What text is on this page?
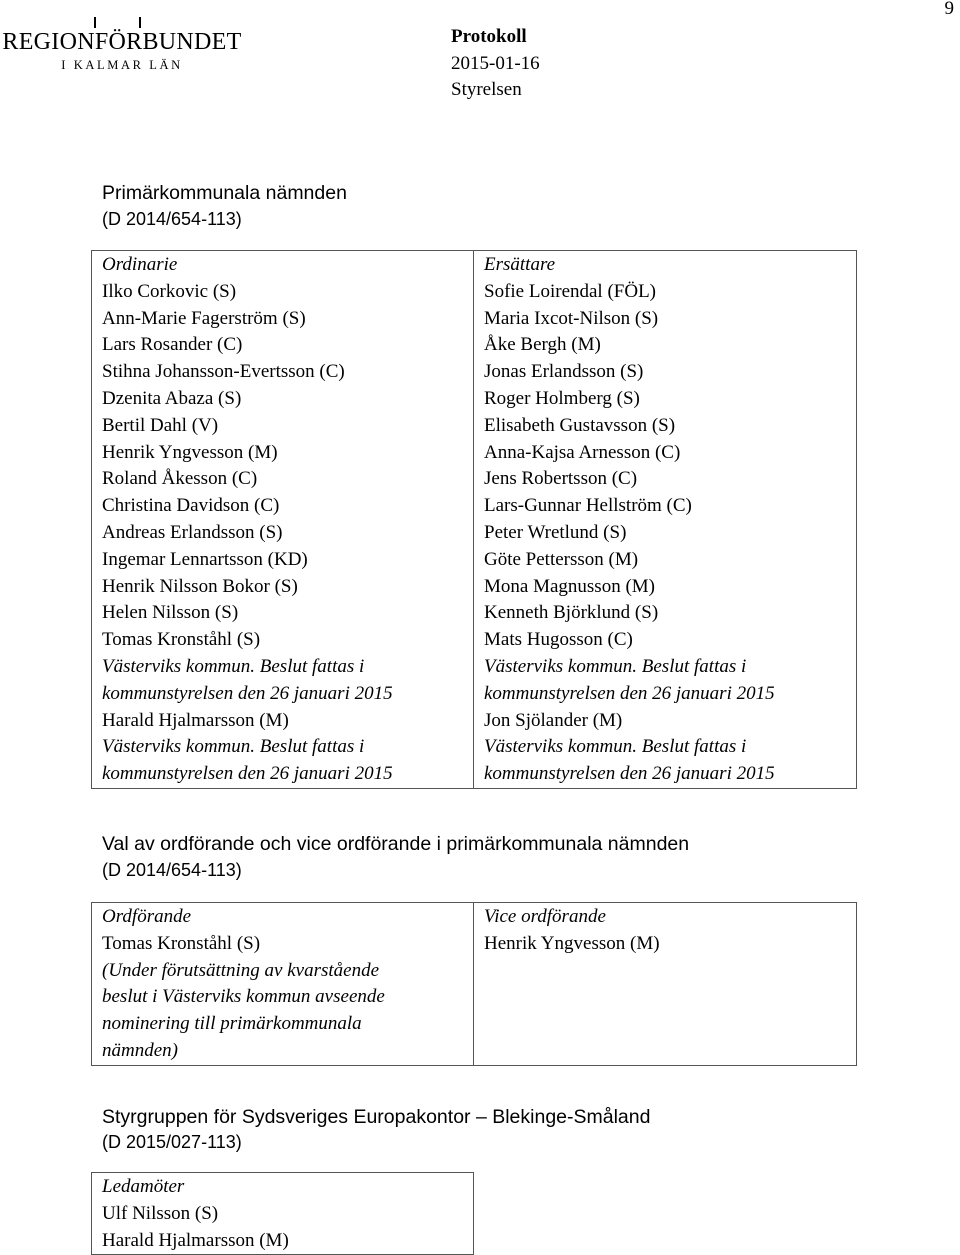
REGIONFÖRBUNDET
I KALMAR LÄN
9
Protokoll
2015-01-16
Styrelsen
Primärkommunala nämnden
(D 2014/654-113)
Ordinarie
Ilko Corkovic (S)
Ann-Marie Fagerström (S)
Lars Rosander (C)
Stihna Johansson-Evertsson (C)
Dzenita Abaza (S)
Bertil Dahl (V)
Henrik Yngvesson (M)
Roland Åkesson (C)
Christina Davidson (C)
Andreas Erlandsson (S)
Ingemar Lennartsson (KD)
Henrik Nilsson Bokor (S)
Helen Nilsson (S)
Tomas Kronståhl (S)
Västerviks kommun. Beslut fattas i
kommunstyrelsen den 26 januari 2015
Harald Hjalmarsson (M)
Västerviks kommun. Beslut fattas i
kommunstyrelsen den 26 januari 2015

Ersättare
Sofie Loirendal (FÖL)
Maria Ixcot-Nilson (S)
Åke Bergh (M)
Jonas Erlandsson (S)
Roger Holmberg (S)
Elisabeth Gustavsson (S)
Anna-Kajsa Arnesson (C)
Jens Robertsson (C)
Lars-Gunnar Hellström (C)
Peter Wretlund (S)
Göte Pettersson (M)
Mona Magnusson (M)
Kenneth Björklund (S)
Mats Hugosson (C)
Västerviks kommun. Beslut fattas i
kommunstyrelsen den 26 januari 2015
Jon Sjölander (M)
Västerviks kommun. Beslut fattas i
kommunstyrelsen den 26 januari 2015
Val av ordförande och vice ordförande i primärkommunala nämnden
(D 2014/654-113)
Ordförande
Tomas Kronståhl (S)
(Under förutsättning av kvarstående
beslut i Västerviks kommun avseende
nominering till primärkommunala
nämnden)

Vice ordförande
Henrik Yngvesson (M)
Styrgruppen för Sydsveriges Europakontor – Blekinge-Småland
(D 2015/027-113)
Ledamöter
Ulf Nilsson (S)
Harald Hjalmarsson (M)
